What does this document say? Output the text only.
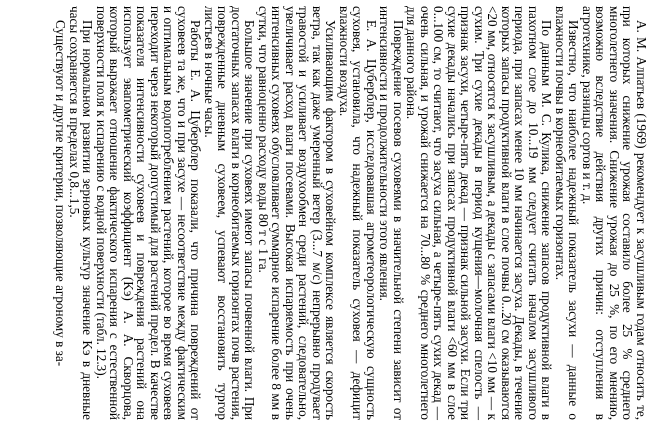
А. М. Алпатьев (1969) рекомендует к засушливым годам относить те, при которых снижение урожая составило более 25 % среднего многолетнего значения. Снижение урожая до 25 %, по его мнению, возможно вследствие действия других причин: отступления в агротехнике, разницы сортов и т. д.

Известно, что наиболее надежный показатель засухи — данные о влажности почвы в корнеобитаемых горизонтах.

По данным М. С. Кулика, снижение запасов продуктивной влаги в пахотном слое до 10...19 мм следует считать началом засушливого периода, при запасах менее 10 мм начинается засуха. Декады, в течение которых запасы продуктивной влаги в слое почвы 0...20 см оказываются <20 мм, относятся к засушливым, а декады с запасами влаги <10 мм — к сухим. Три сухие декады в период кущения—молочная спелость — признак засухи, четыре-пять декад — признак сильной засухи. Если три сухие декады начались при запасах продуктивной влаги <60 мм в слое 0...100 см, то считают, что засуха сильная, а четыре-пять сухих декад — очень сильная, и урожай снижается на 70...80 % среднего многолетнего для данного района.

Повреждение посевов суховеями в значительной степени зависит от интенсивности и продолжительности этого явления.

Е. А. Цуберблер, исследовавшая агрометеорологическую сущность суховея, установила, что надежный показатель суховея — дефицит влажности воздуха.

Усиливающим фактором в суховейном комплексе является скорость ветра, так как даже умеренный ветер (3...7 м/с) непрерывно продувает травостой и усиливает воздухообмен среди растений, следовательно, увеличивает расход влаги посевами. Высокая испаряемость при очень интенсивных суховеях обусловливает суммарное испарение более 8 мм в сутки, что равноценно расходу воды 80 т с 1 га.

Большое значение при суховеях имеют запасы почвенной влаги. При достаточных запасах влаги в корнеобитаемых горизонтах почв растения, поврежденные дневным суховеем, успевают восстановить тургор листьев в ночные часы.

Работы Е. А. Цуберблер показали, что причина повреждений от суховеев та же, что и при засухе — несоответствие между фактическим и оптимальным водопотреблением растений, которое во время суховеев переходит через некоторый допустимый для растений предел. В качестве показателя интенсивности суховеев и повреждения растений она использует эвапометрический коэффициент (Kэ) А. А. Скворцова, который выражает отношение фактического испарения с естественной поверхности поля к испарению с водной поверхности (табл. 12.3).

При нормальном развитии зерновых культур значение Kэ в дневные часы сохраняется в пределах 0,8...1,5.

Существуют и другие критерии, позволяющие агроному в за-
